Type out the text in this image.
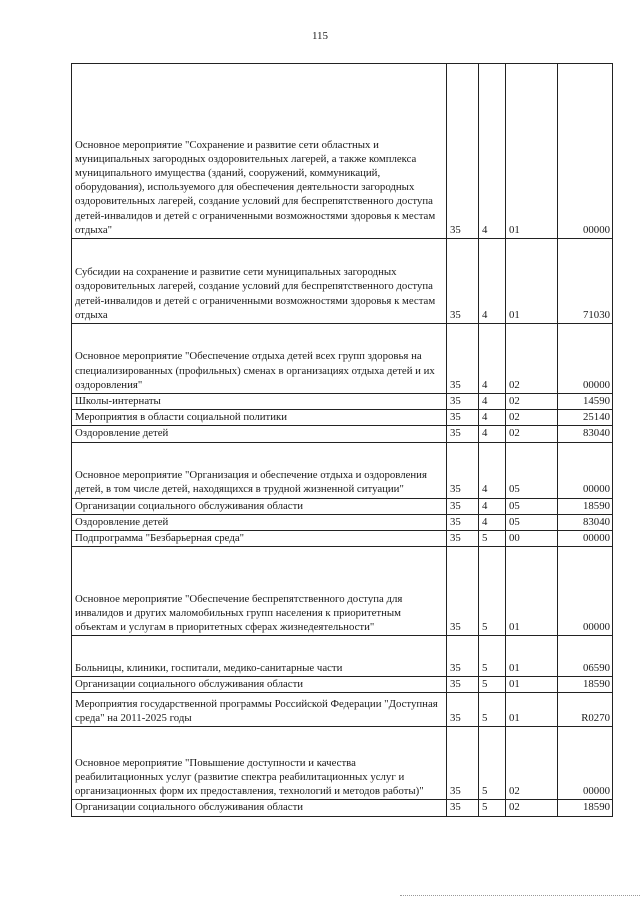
115
Основное мероприятие "Сохранение и развитие сети областных и муниципальных загородных оздоровительных лагерей, а также комплекса муниципального имущества (зданий, сооружений, коммуникаций, оборудования), используемого для обеспечения деятельности загородных оздоровительных лагерей, создание условий для беспрепятственного доступа детей-инвалидов и детей с ограниченными возможностями здоровья к местам отдыха"	35	4	01	00000
Субсидии на сохранение и развитие сети муниципальных загородных оздоровительных лагерей, создание условий для беспрепятственного доступа детей-инвалидов и детей с ограниченными возможностями здоровья к местам отдыха	35	4	01	71030
Основное мероприятие "Обеспечение отдыха детей всех групп здоровья на специализированных (профильных) сменах в организациях отдыха детей и их оздоровления"	35	4	02	00000
Школы-интернаты	35	4	02	14590
Мероприятия в области социальной политики	35	4	02	25140
Оздоровление детей	35	4	02	83040
Основное мероприятие "Организация и обеспечение отдыха и оздоровления детей, в том числе детей, находящихся в трудной жизненной ситуации"	35	4	05	00000
Организации социального обслуживания области	35	4	05	18590
Оздоровление детей	35	4	05	83040
Подпрограмма "Безбарьерная среда"	35	5	00	00000
Основное мероприятие "Обеспечение беспрепятственного доступа для инвалидов и других маломобильных групп населения к приоритетным объектам и услугам в приоритетных сферах жизнедеятельности"	35	5	01	00000
Больницы, клиники, госпитали, медико-санитарные части	35	5	01	06590
Организации социального обслуживания области	35	5	01	18590
Мероприятия государственной программы Российской Федерации "Доступная среда" на 2011-2025 годы	35	5	01	R0270
Основное мероприятие "Повышение доступности и качества реабилитационных услуг (развитие спектра реабилитационных услуг и организационных форм их предоставления, технологий и методов работы)"	35	5	02	00000
Организации социального обслуживания области	35	5	02	18590
